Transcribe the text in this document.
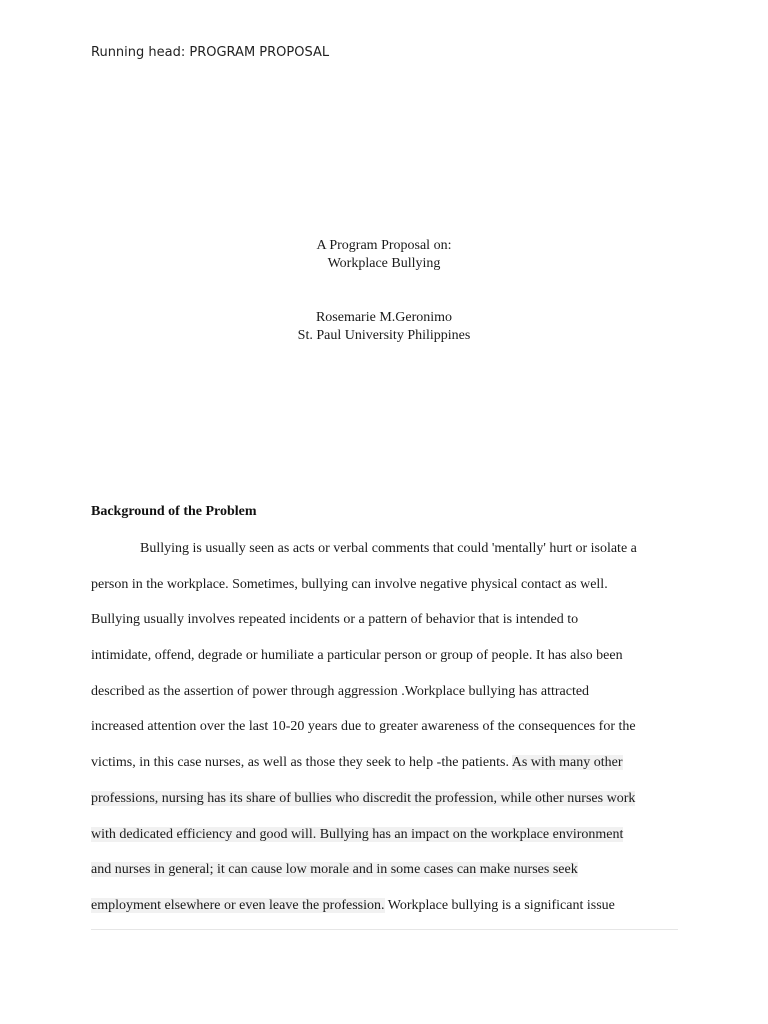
Running head: PROGRAM PROPOSAL
A Program Proposal on:
Workplace Bullying
Rosemarie M.Geronimo
St. Paul University Philippines
Background of the Problem
Bullying is usually seen as acts or verbal comments that could 'mentally' hurt or isolate a
person in the workplace. Sometimes, bullying can involve negative physical contact as well.
Bullying usually involves repeated incidents or a pattern of behavior that is intended to
intimidate, offend, degrade or humiliate a particular person or group of people. It has also been
described as the assertion of power through aggression .Workplace bullying has attracted
increased attention over the last 10-20 years due to greater awareness of the consequences for the
victims, in this case nurses, as well as those they seek to help -the patients. As with many other
professions, nursing has its share of bullies who discredit the profession, while other nurses work
with dedicated efficiency and good will. Bullying has an impact on the workplace environment
and nurses in general; it can cause low morale and in some cases can make nurses seek
employment elsewhere or even leave the profession. Workplace bullying is a significant issue
